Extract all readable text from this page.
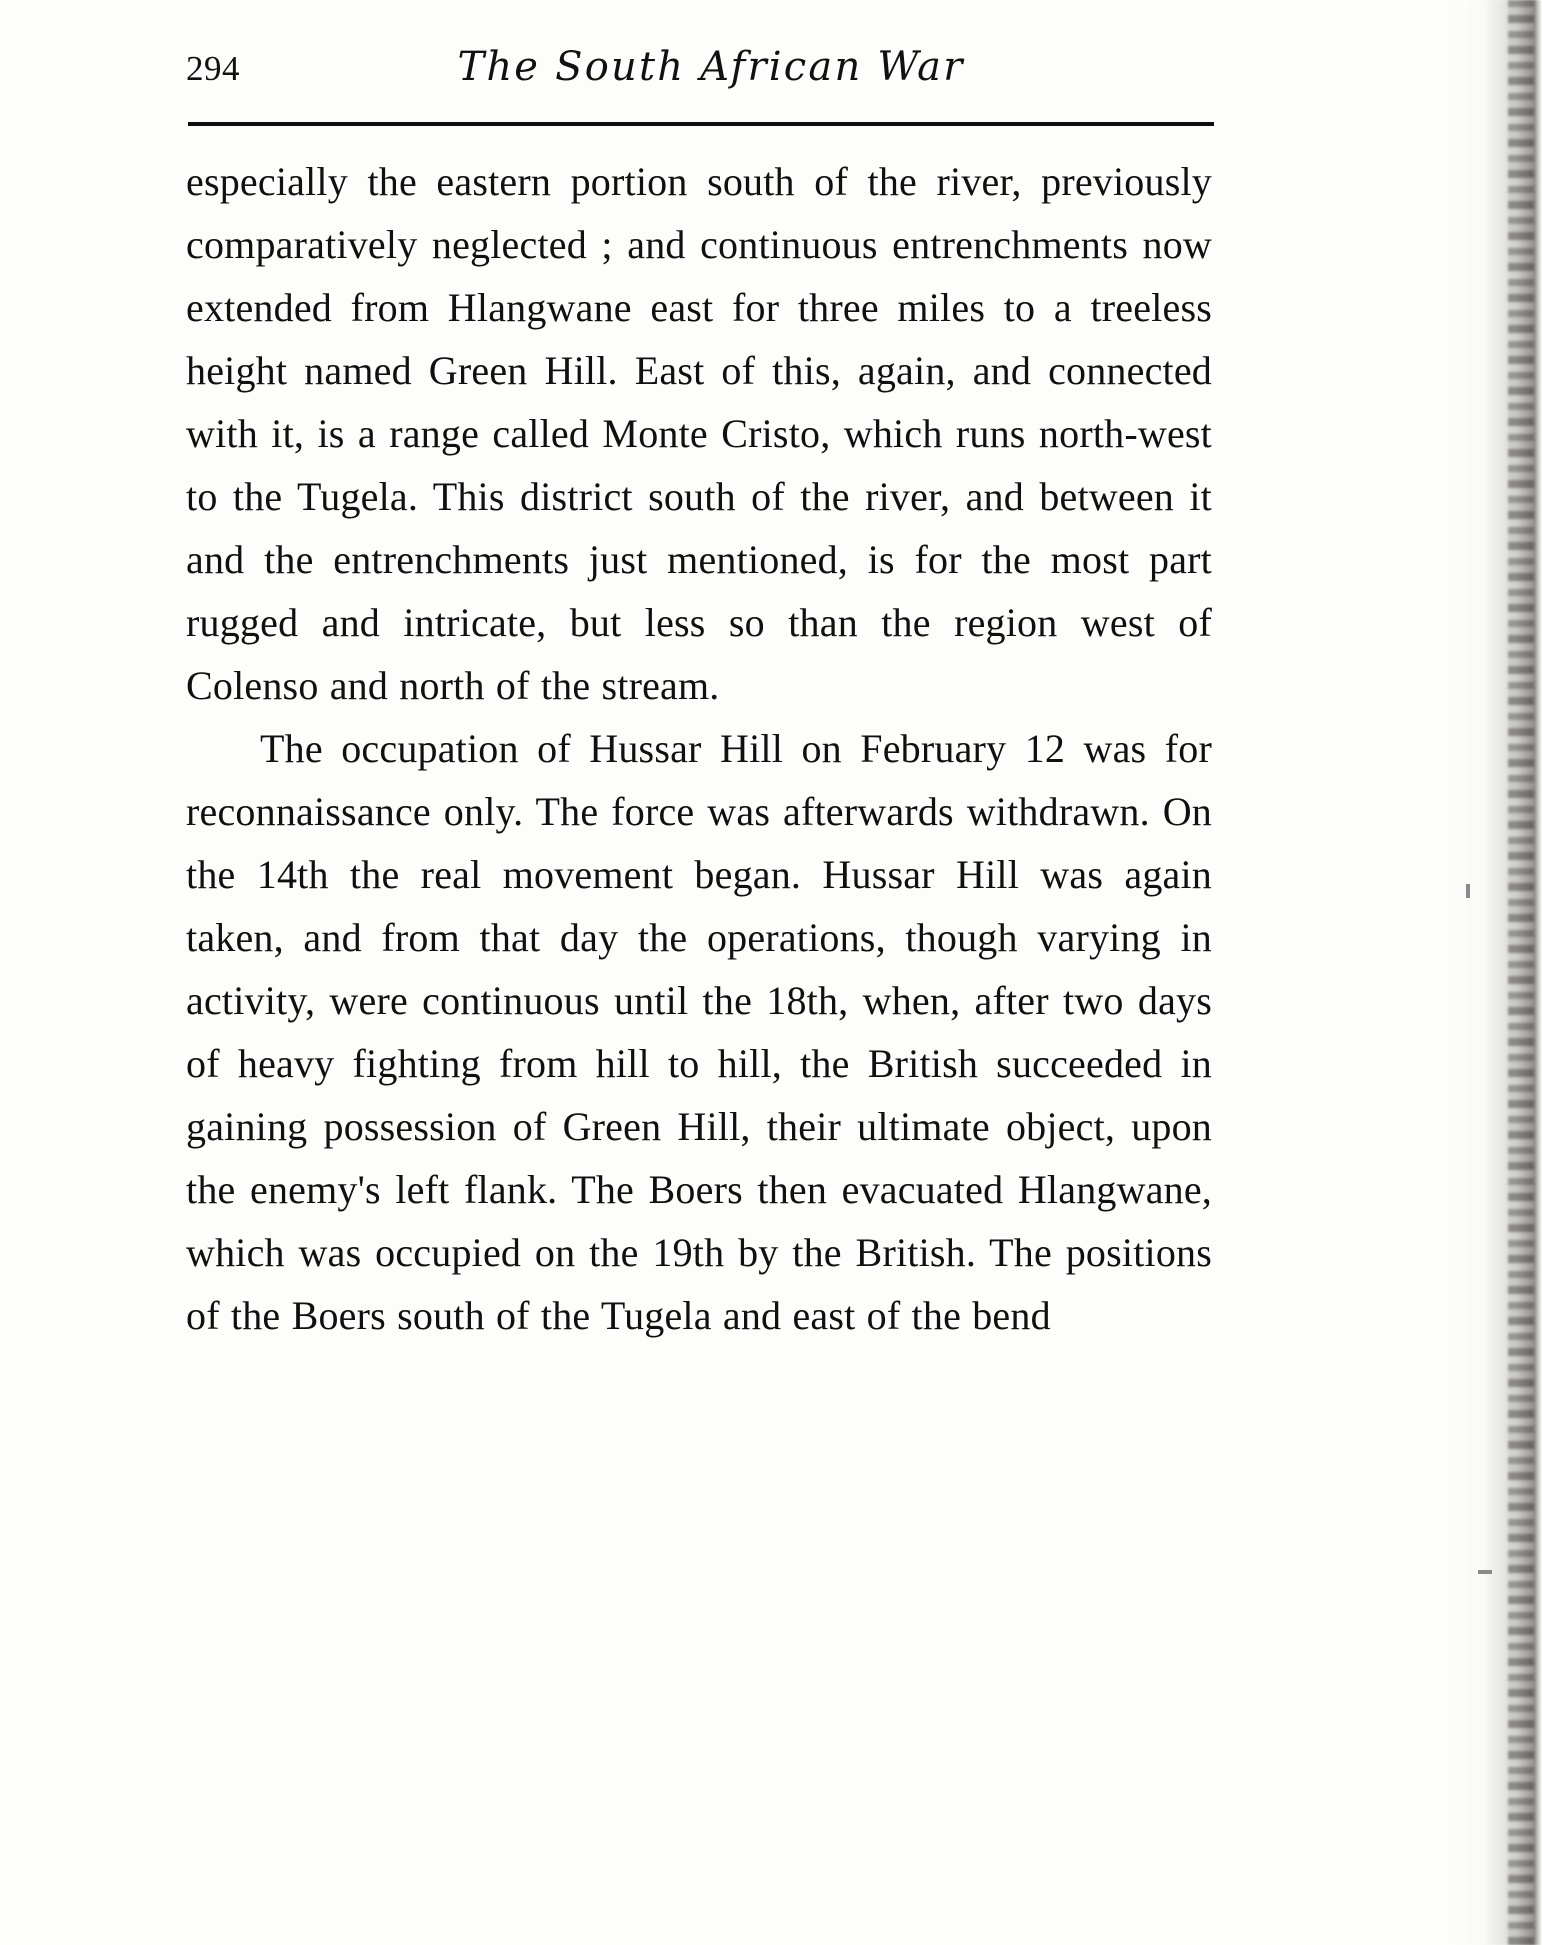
294	The South African War

especially the eastern portion south of the river, previously comparatively neglected ; and continuous entrenchments now extended from Hlangwane east for three miles to a treeless height named Green Hill. East of this, again, and connected with it, is a range called Monte Cristo, which runs north-west to the Tugela. This district south of the river, and between it and the entrenchments just mentioned, is for the most part rugged and intricate, but less so than the region west of Colenso and north of the stream.

The occupation of Hussar Hill on February 12 was for reconnaissance only. The force was afterwards withdrawn. On the 14th the real movement began. Hussar Hill was again taken, and from that day the operations, though varying in activity, were continuous until the 18th, when, after two days of heavy fighting from hill to hill, the British succeeded in gaining possession of Green Hill, their ultimate object, upon the enemy's left flank. The Boers then evacuated Hlangwane, which was occupied on the 19th by the British. The positions of the Boers south of the Tugela and east of the bend
